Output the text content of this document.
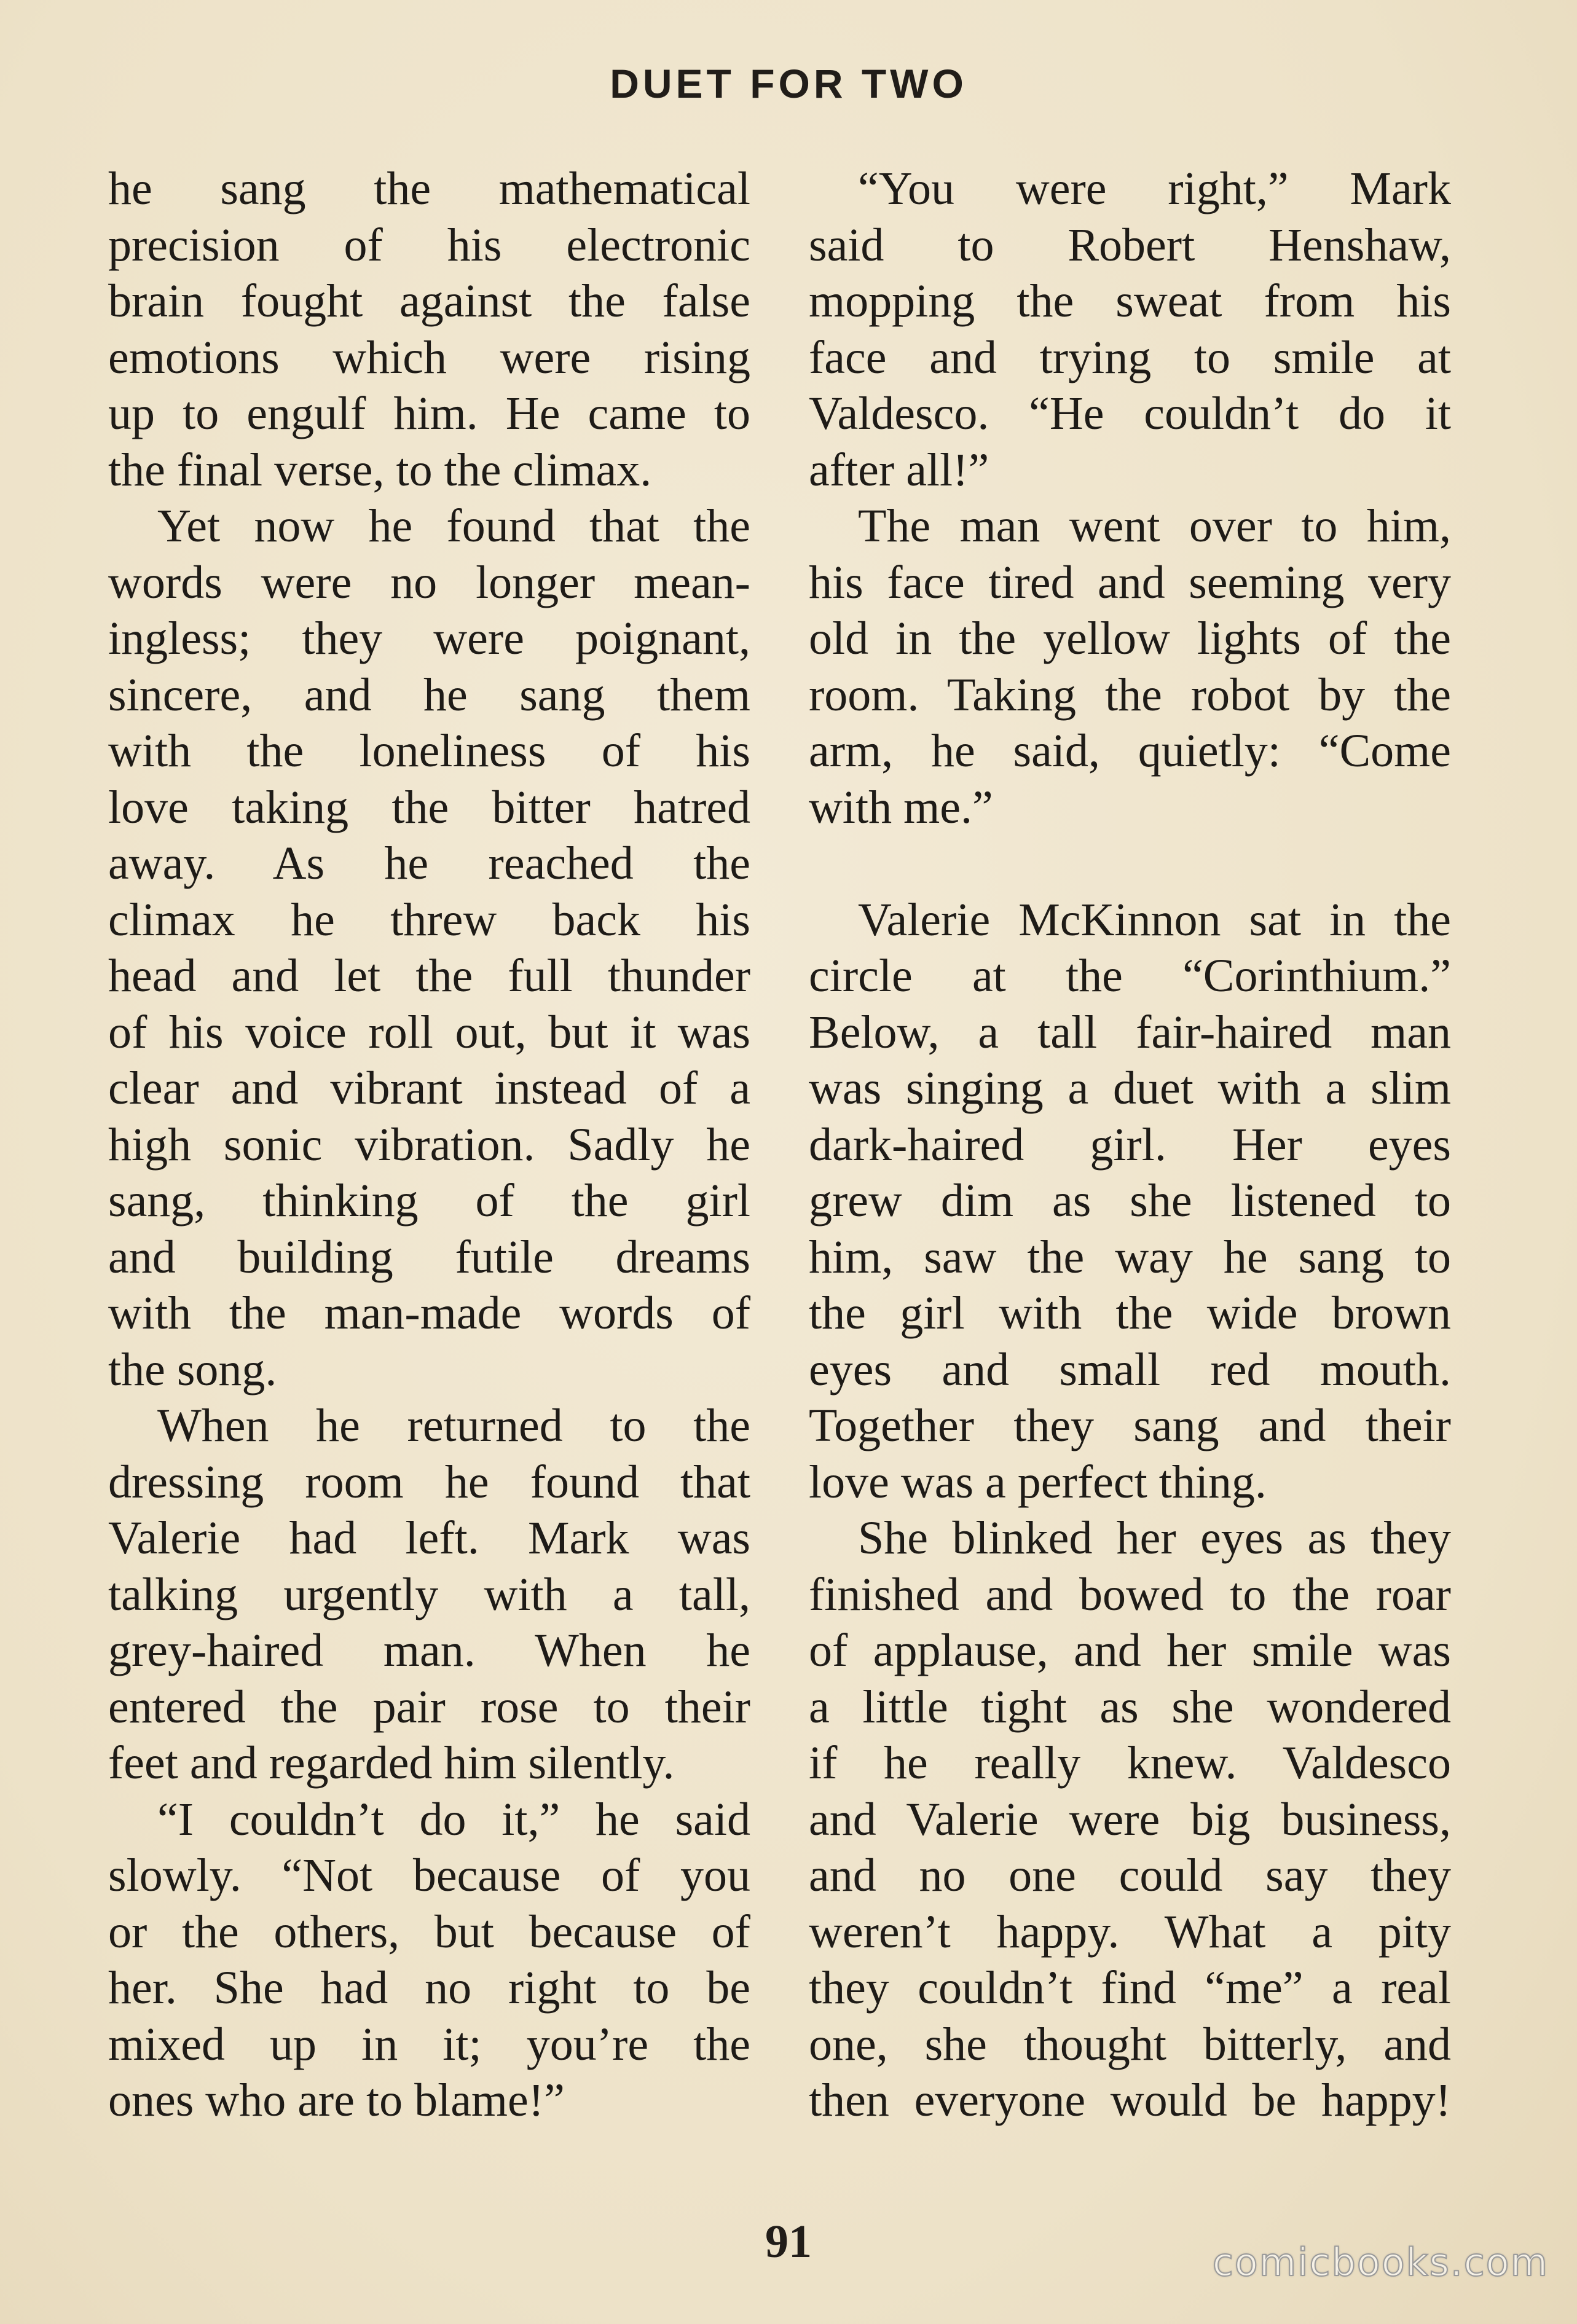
DUET FOR TWO

he sang the mathematical
precision of his electronic
brain fought against the false
emotions which were rising
up to engulf him. He came to
the final verse, to the climax.

Yet now he found that the
words were no longer mean-
ingless; they were poignant,
sincere, and he sang them
with the loneliness of his
love taking the bitter hatred
away. As he reached the
climax he threw back his
head and let the full thunder
of his voice roll out, but it was
clear and vibrant instead of a
high sonic vibration. Sadly he
sang, thinking of the girl
and building futile dreams
with the man-made words of
the song.

When he returned to the
dressing room he found that
Valerie had left. Mark was
talking urgently with a tall,
grey-haired man. When he
entered the pair rose to their
feet and regarded him silently.

“I couldn’t do it,” he said
slowly. “Not because of you
or the others, but because of
her. She had no right to be
mixed up in it; you’re the
ones who are to blame!”

“You were right,” Mark
said to Robert Henshaw,
mopping the sweat from his
face and trying to smile at
Valdesco. “He couldn’t do it
after all!”

The man went over to him,
his face tired and seeming very
old in the yellow lights of the
room. Taking the robot by the
arm, he said, quietly: “Come
with me.”

Valerie McKinnon sat in the
circle at the “Corinthium.”
Below, a tall fair-haired man
was singing a duet with a slim
dark-haired girl. Her eyes
grew dim as she listened to
him, saw the way he sang to
the girl with the wide brown
eyes and small red mouth.
Together they sang and their
love was a perfect thing.

She blinked her eyes as they
finished and bowed to the roar
of applause, and her smile was
a little tight as she wondered
if he really knew. Valdesco
and Valerie were big business,
and no one could say they
weren’t happy. What a pity
they couldn’t find “me” a real
one, she thought bitterly, and
then everyone would be happy!

91	comicbooks.com
